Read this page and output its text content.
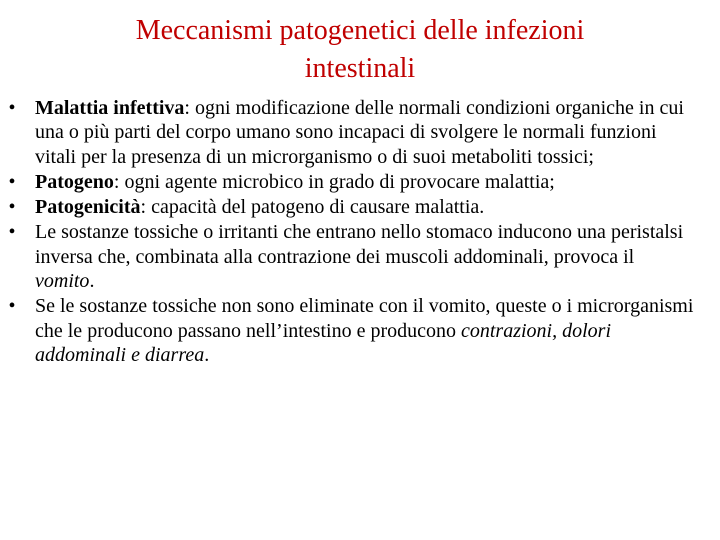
Meccanismi patogenetici delle infezioni
intestinali
• Malattia infettiva: ogni modificazione delle normali condizioni organiche in cui una o più parti del corpo umano sono incapaci di svolgere le normali funzioni vitali per la presenza di un microrganismo o di suoi metaboliti tossici;
• Patogeno: ogni agente microbico in grado di provocare malattia;
• Patogenicità: capacità del patogeno di causare malattia.
• Le sostanze tossiche o irritanti che entrano nello stomaco inducono una peristalsi inversa che, combinata alla contrazione dei muscoli addominali, provoca il vomito.
• Se le sostanze tossiche non sono eliminate con il vomito, queste o i microrganismi che le producono passano nell’intestino e producono contrazioni, dolori addominali e diarrea.
